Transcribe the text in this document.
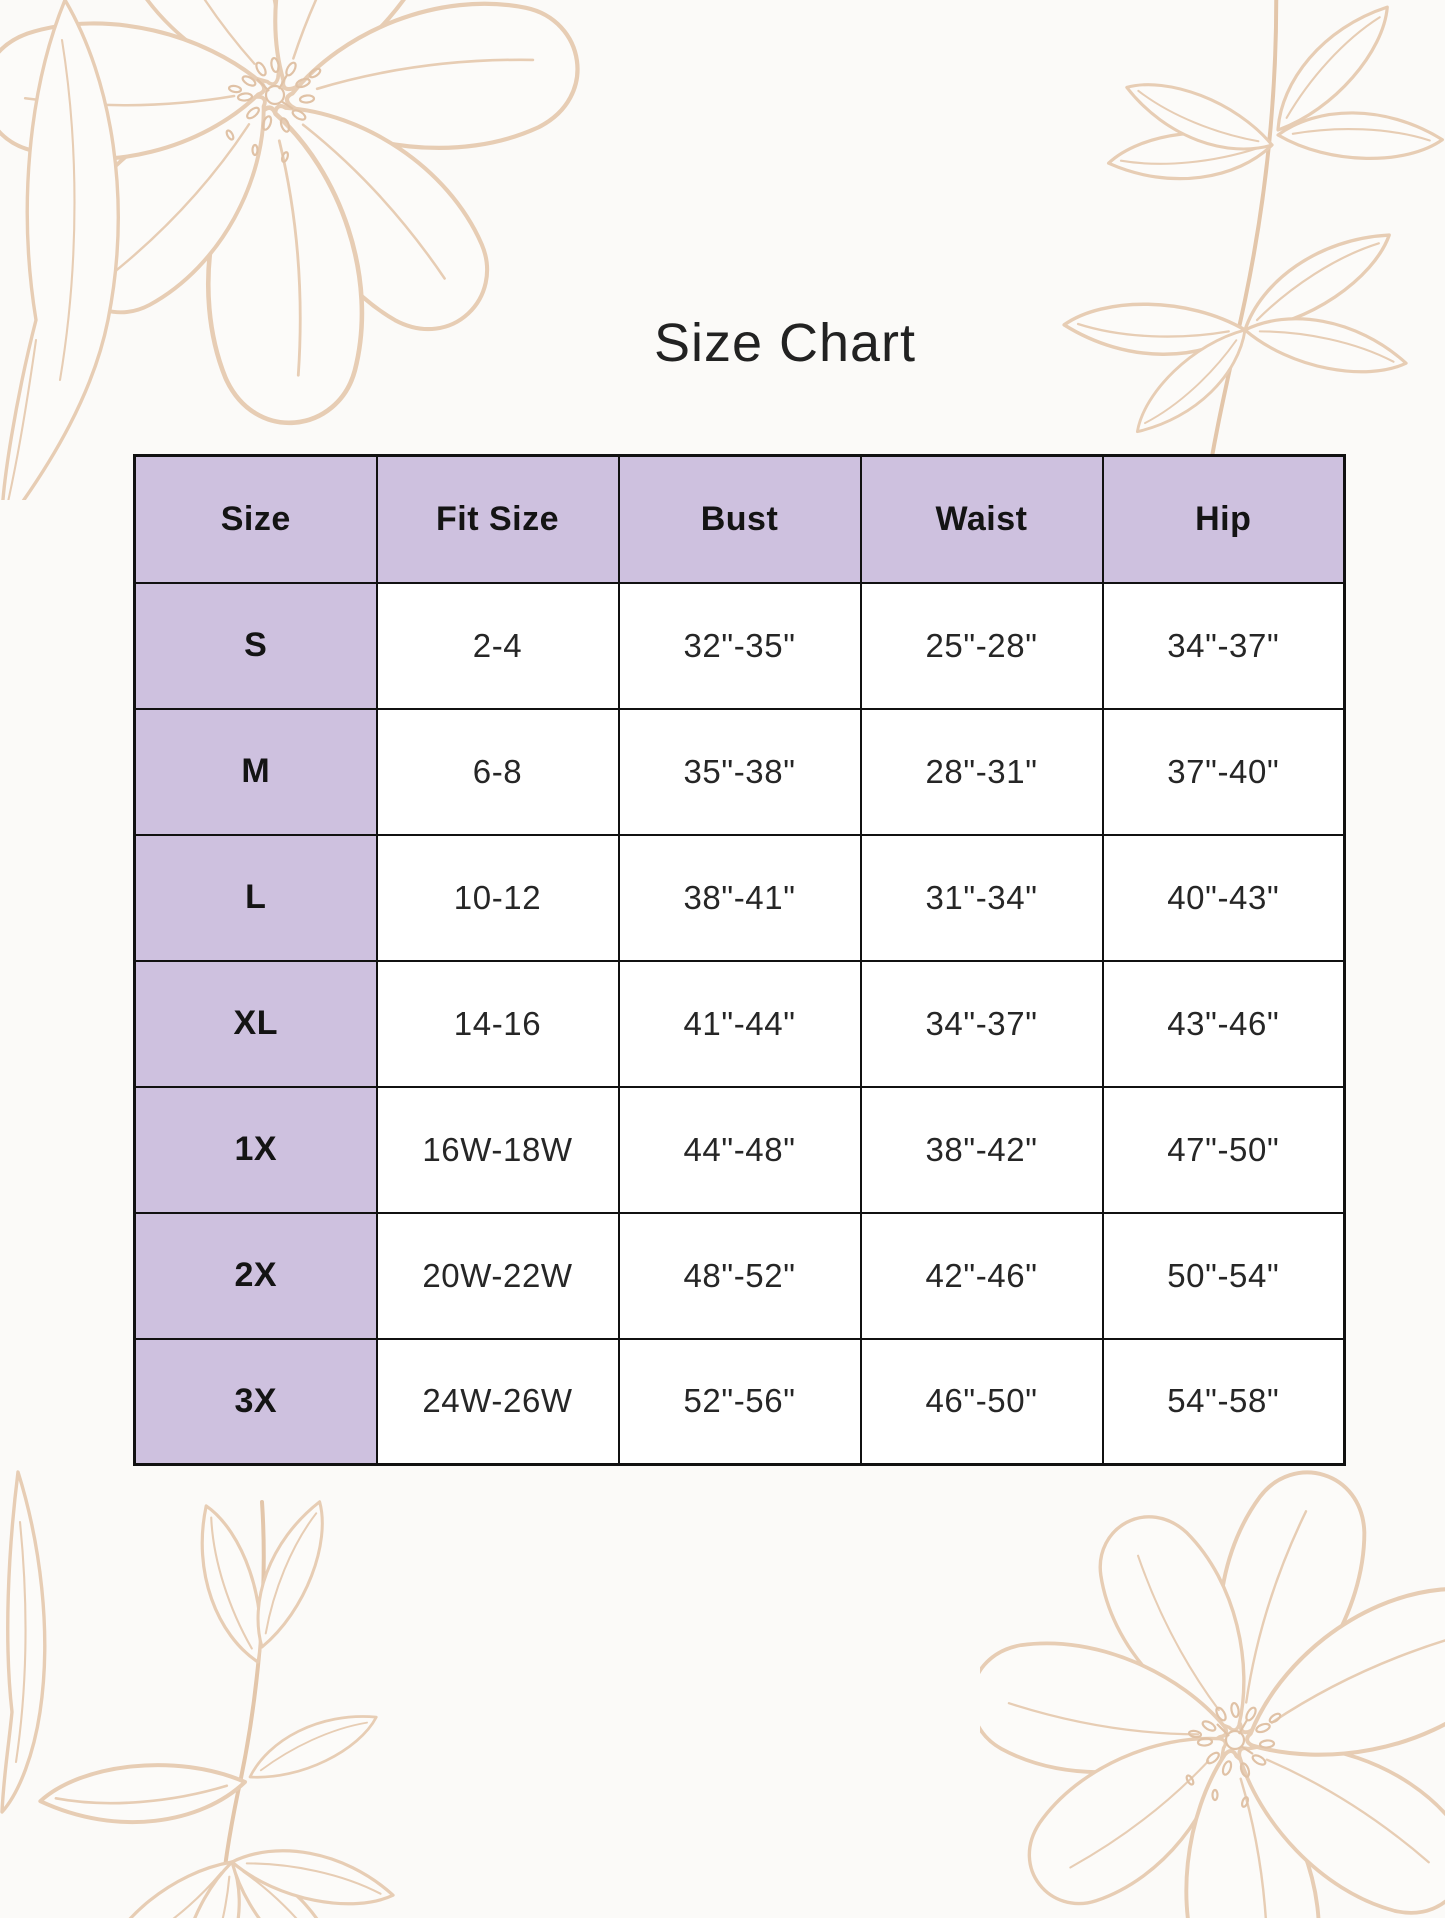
Size Chart
Size	Fit Size	Bust	Waist	Hip
S	2-4	32"-35"	25"-28"	34"-37"
M	6-8	35"-38"	28"-31"	37"-40"
L	10-12	38"-41"	31"-34"	40"-43"
XL	14-16	41"-44"	34"-37"	43"-46"
1X	16W-18W	44"-48"	38"-42"	47"-50"
2X	20W-22W	48"-52"	42"-46"	50"-54"
3X	24W-26W	52"-56"	46"-50"	54"-58"
